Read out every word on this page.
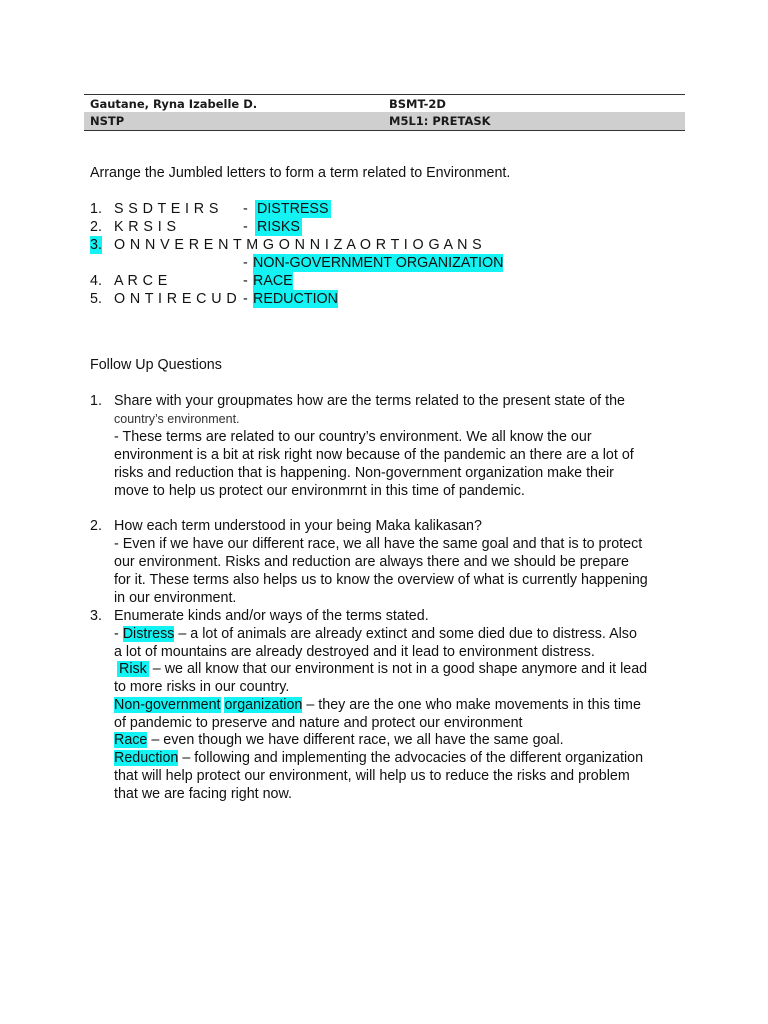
Gautane, Ryna Izabelle D.	BSMT-2D
NSTP	M5L1: PRETASK
Arrange the Jumbled letters to form a term related to Environment.
1. S S D T E I R S - DISTRESS
2. K R S I S	- RISKS
3. O N N V E R E N T M G O N N I Z A O R T I O G A N S
- NON-GOVERNMENT ORGANIZATION
4. A R C E	- RACE
5. O N T I R E C U D - REDUCTION
Follow Up Questions
1. Share with your groupmates how are the terms related to the present state of the
country’s environment.
- These terms are related to our country’s environment. We all know the our
environment is a bit at risk right now because of the pandemic an there are a lot of
risks and reduction that is happening. Non-government organization make their
move to help us protect our environmrnt in this time of pandemic.
2. How each term understood in your being Maka kalikasan?
- Even if we have our different race, we all have the same goal and that is to protect
our environment. Risks and reduction are always there and we should be prepare
for it. These terms also helps us to know the overview of what is currently happening
in our environment.
3. Enumerate kinds and/or ways of the terms stated.
- Distress – a lot of animals are already extinct and some died due to distress. Also
a lot of mountains are already destroyed and it lead to environment distress.
Risk – we all know that our environment is not in a good shape anymore and it lead
to more risks in our country.
Non-government organization – they are the one who make movements in this time
of pandemic to preserve and nature and protect our environment
Race – even though we have different race, we all have the same goal.
Reduction – following and implementing the advocacies of the different organization
that will help protect our environment, will help us to reduce the risks and problem
that we are facing right now.
